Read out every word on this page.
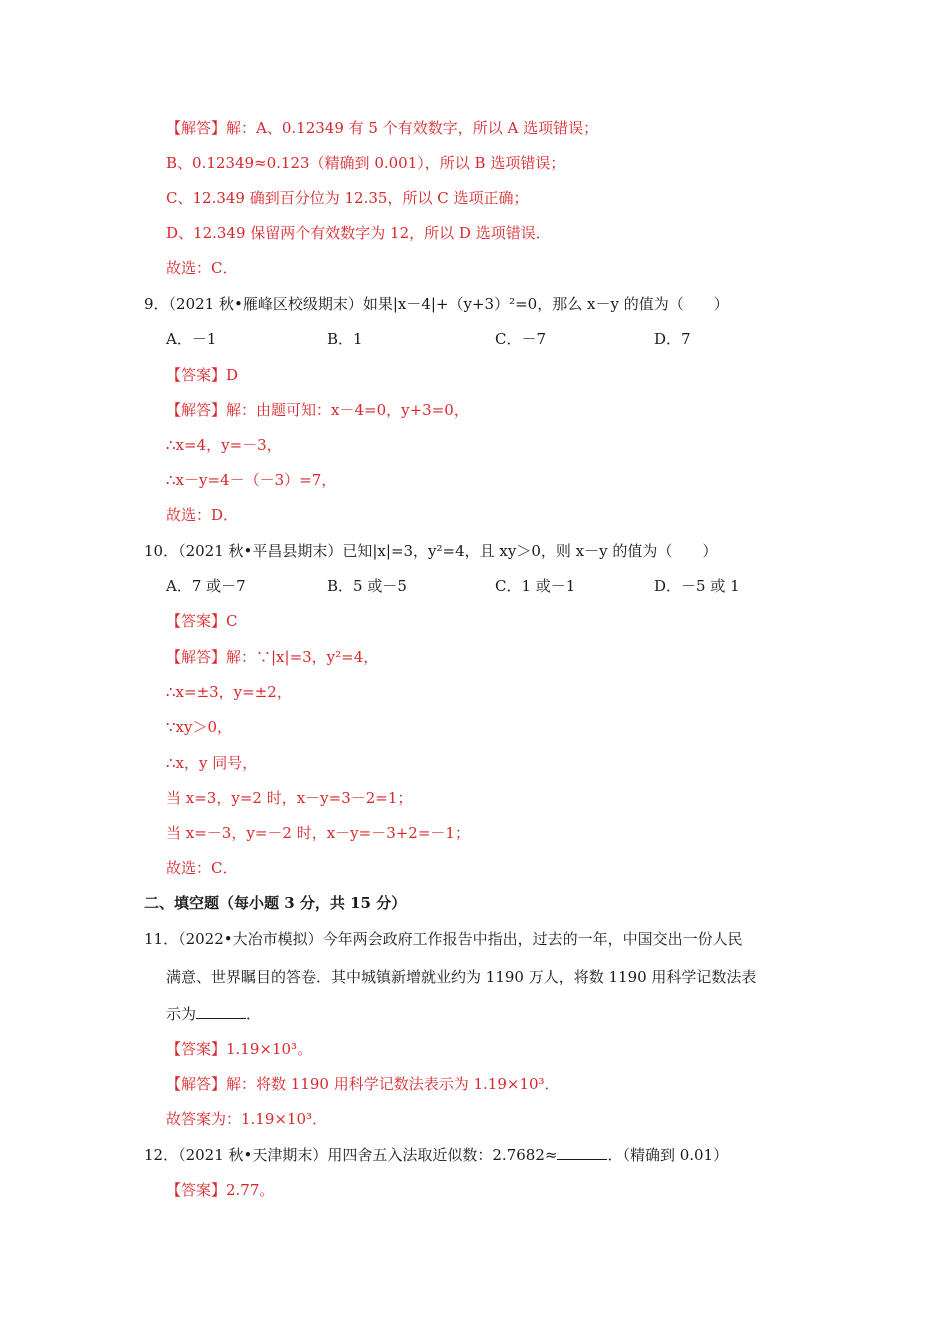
【解答】解：A、0.12349 有 5 个有效数字，所以 A 选项错误；
B、0.12349≈0.123（精确到 0.001），所以 B 选项错误；
C、12.349 确到百分位为 12.35，所以 C 选项正确；
D、12.349 保留两个有效数字为 12，所以 D 选项错误．
故选：C．
9．（2021 秋•雁峰区校级期末）如果|x－4|+（y+3）²=0，那么 x－y 的值为（　　）
A．－1	B．1	C．－7	D．7
【答案】D
【解答】解：由题可知：x－4=0，y+3=0，
∴x=4，y=－3，
∴x－y=4－（－3）=7，
故选：D．
10．（2021 秋•平昌县期末）已知|x|=3，y²=4，且 xy＞0，则 x－y 的值为（　　）
A．7 或－7	B．5 或－5	C．1 或－1	D．－5 或 1
【答案】C
【解答】解：∵|x|=3，y²=4，
∴x=±3，y=±2，
∵xy＞0，
∴x，y 同号，
当 x=3，y=2 时，x－y=3－2=1；
当 x=－3，y=－2 时，x－y=－3+2=－1；
故选：C．
二、填空题（每小题 3 分，共 15 分）
11．（2022•大冶市模拟）今年两会政府工作报告中指出，过去的一年，中国交出一份人民
满意、世界瞩目的答卷．其中城镇新增就业约为 1190 万人，将数 1190 用科学记数法表
示为	．
【答案】1.19×10³。
【解答】解：将数 1190 用科学记数法表示为 1.19×10³．
故答案为：1.19×10³．
12．（2021 秋•天津期末）用四舍五入法取近似数：2.7682≈	．（精确到 0.01）
【答案】2.77。
